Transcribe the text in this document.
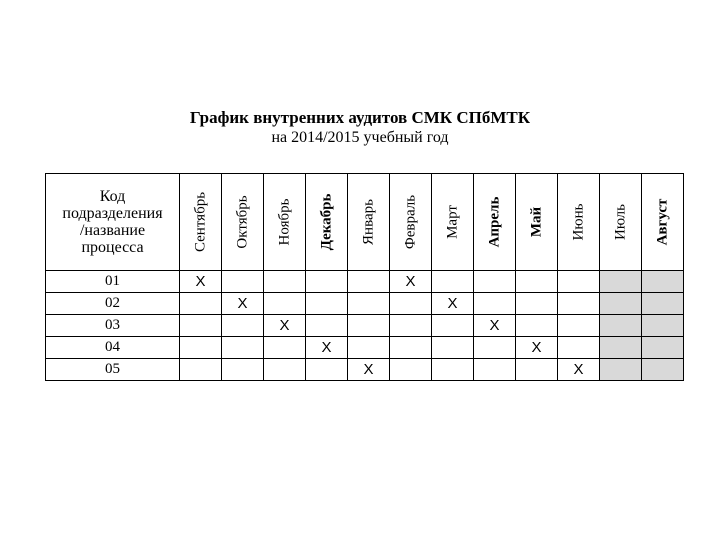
График внутренних аудитов СМК СПбМТК
на 2014/2015 учебный год
Код
подразделения
/название
процесса	Сентябрь	Октябрь	Ноябрь	Декабрь	Январь	Февраль	Март	Апрель	Май	Июнь	Июль	Август

01	X					X						
02		X					X					
03			X					X				
04				X					X			
05					X					X		
